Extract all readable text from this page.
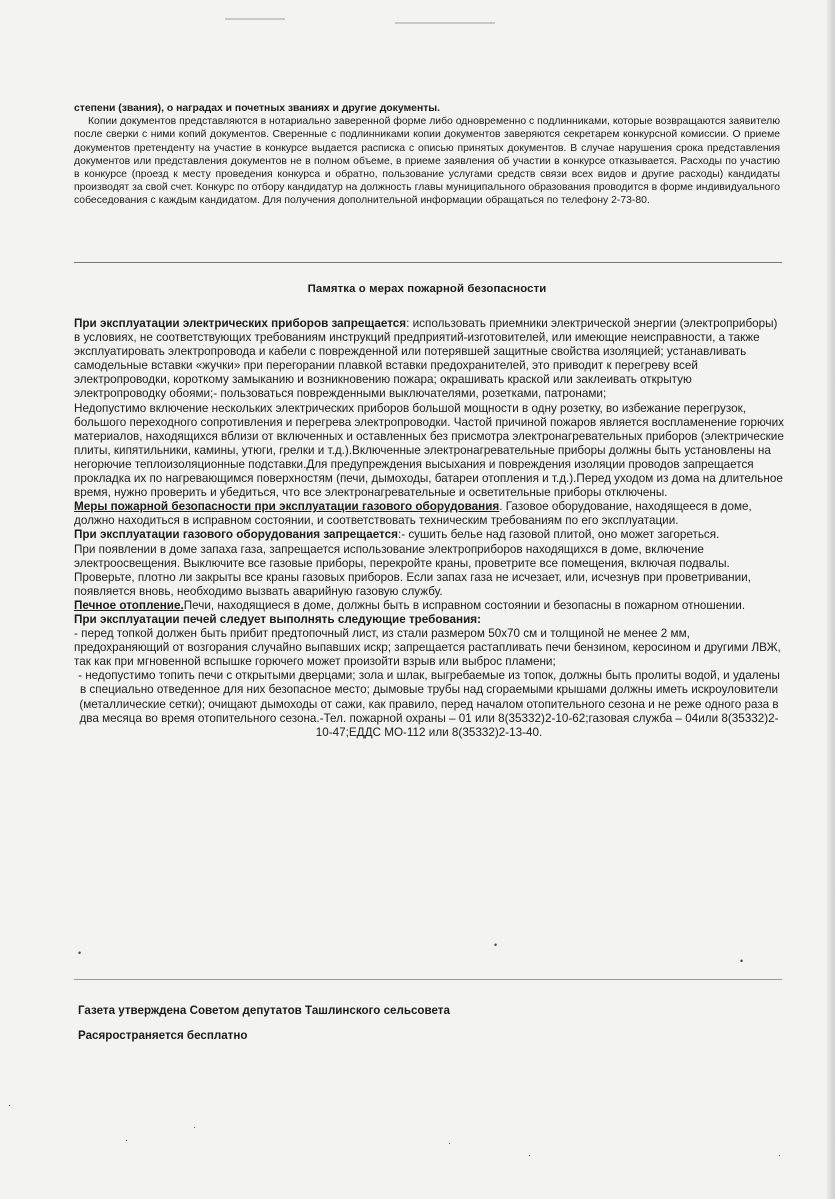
степени (звания), о наградах и почетных званиях и другие документы.

Копии документов представляются в нотариально заверенной форме либо одновременно с подлинниками, которые возвращаются заявителю после сверки с ними копий документов. Сверенные с подлинниками копии документов заверяются секретарем конкурсной комиссии. О приеме документов претенденту на участие в конкурсе выдается расписка с описью принятых документов. В случае нарушения срока представления документов или представления документов не в полном объеме, в приеме заявления об участии в конкурсе отказывается. Расходы по участию в конкурсе (проезд к месту проведения конкурса и обратно, пользование услугами средств связи всех видов и другие расходы) кандидаты производят за свой счет. Конкурс по отбору кандидатур на должность главы муниципального образования проводится в форме индивидуального собеседования с каждым кандидатом. Для получения дополнительной информации обращаться по телефону 2-73-80.

Памятка о мерах пожарной безопасности

При эксплуатации электрических приборов запрещается: использовать приемники электрической энергии (электроприборы) в условиях, не соответствующих требованиям инструкций предприятий-изготовителей, или имеющие неисправности, а также эксплуатировать электропровода и кабели с поврежденной или потерявшей защитные свойства изоляцией; устанавливать самодельные вставки «жучки» при перегорании плавкой вставки предохранителей, это приводит к перегреву всей электропроводки, короткому замыканию и возникновению пожара; окрашивать краской или заклеивать открытую электропроводку обоями;- пользоваться поврежденными выключателями, розетками, патронами;

Недопустимо включение нескольких электрических приборов большой мощности в одну розетку, во избежание перегрузок, большого переходного сопротивления и перегрева электропроводки. Частой причиной пожаров является воспламенение горючих материалов, находящихся вблизи от включенных и оставленных без присмотра электронагревательных приборов (электрические плиты, кипятильники, камины, утюги, грелки и т.д.).Включенные электронагревательные приборы должны быть установлены на негорючие теплоизоляционные подставки.Для предупреждения высыхания и повреждения изоляции проводов запрещается прокладка их по нагревающимся поверхностям (печи, дымоходы, батареи отопления и т.д.).Перед уходом из дома на длительное время, нужно проверить и убедиться, что все электронагревательные и осветительные приборы отключены.

Меры пожарной безопасности при эксплуатации газового оборудования. Газовое оборудование, находящееся в доме, должно находиться в исправном состоянии, и соответствовать техническим требованиям по его эксплуатации.

При эксплуатации газового оборудования запрещается:- сушить белье над газовой плитой, оно может загореться.

При появлении в доме запаха газа, запрещается использование электроприборов находящихся в доме, включение электроосвещения. Выключите все газовые приборы, перекройте краны, проветрите все помещения, включая подвалы. Проверьте, плотно ли закрыты все краны газовых приборов. Если запах газа не исчезает, или, исчезнув при проветривании, появляется вновь, необходимо вызвать аварийную газовую службу.

Печное отопление.Печи, находящиеся в доме, должны быть в исправном состоянии и безопасны в пожарном отношении.

При эксплуатации печей следует выполнять следующие требования:

- перед топкой должен быть прибит предтопочный лист, из стали размером 50х70 см и толщиной не менее 2 мм, предохраняющий от возгорания случайно выпавших искр; запрещается растапливать печи бензином, керосином и другими ЛВЖ, так как при мгновенной вспышке горючего может произойти взрыв или выброс пламени;

- недопустимо топить печи с открытыми дверцами; зола и шлак, выгребаемые из топок, должны быть пролиты водой, и удалены в специально отведенное для них безопасное место; дымовые трубы над сгораемыми крышами должны иметь искроуловители (металлические сетки); очищают дымоходы от сажи, как правило, перед началом отопительного сезона и не реже одного раза в два месяца во время отопительного сезона.-Тел. пожарной охраны – 01 или 8(35332)2-10-62;газовая служба – 04или 8(35332)2-10-47;ЕДДС МО-112 или 8(35332)2-13-40.

•
•
•
Газета утверждена Советом депутатов Ташлинского сельсовета
Расяространяется бесплатно
·
·
·
·
·	·
